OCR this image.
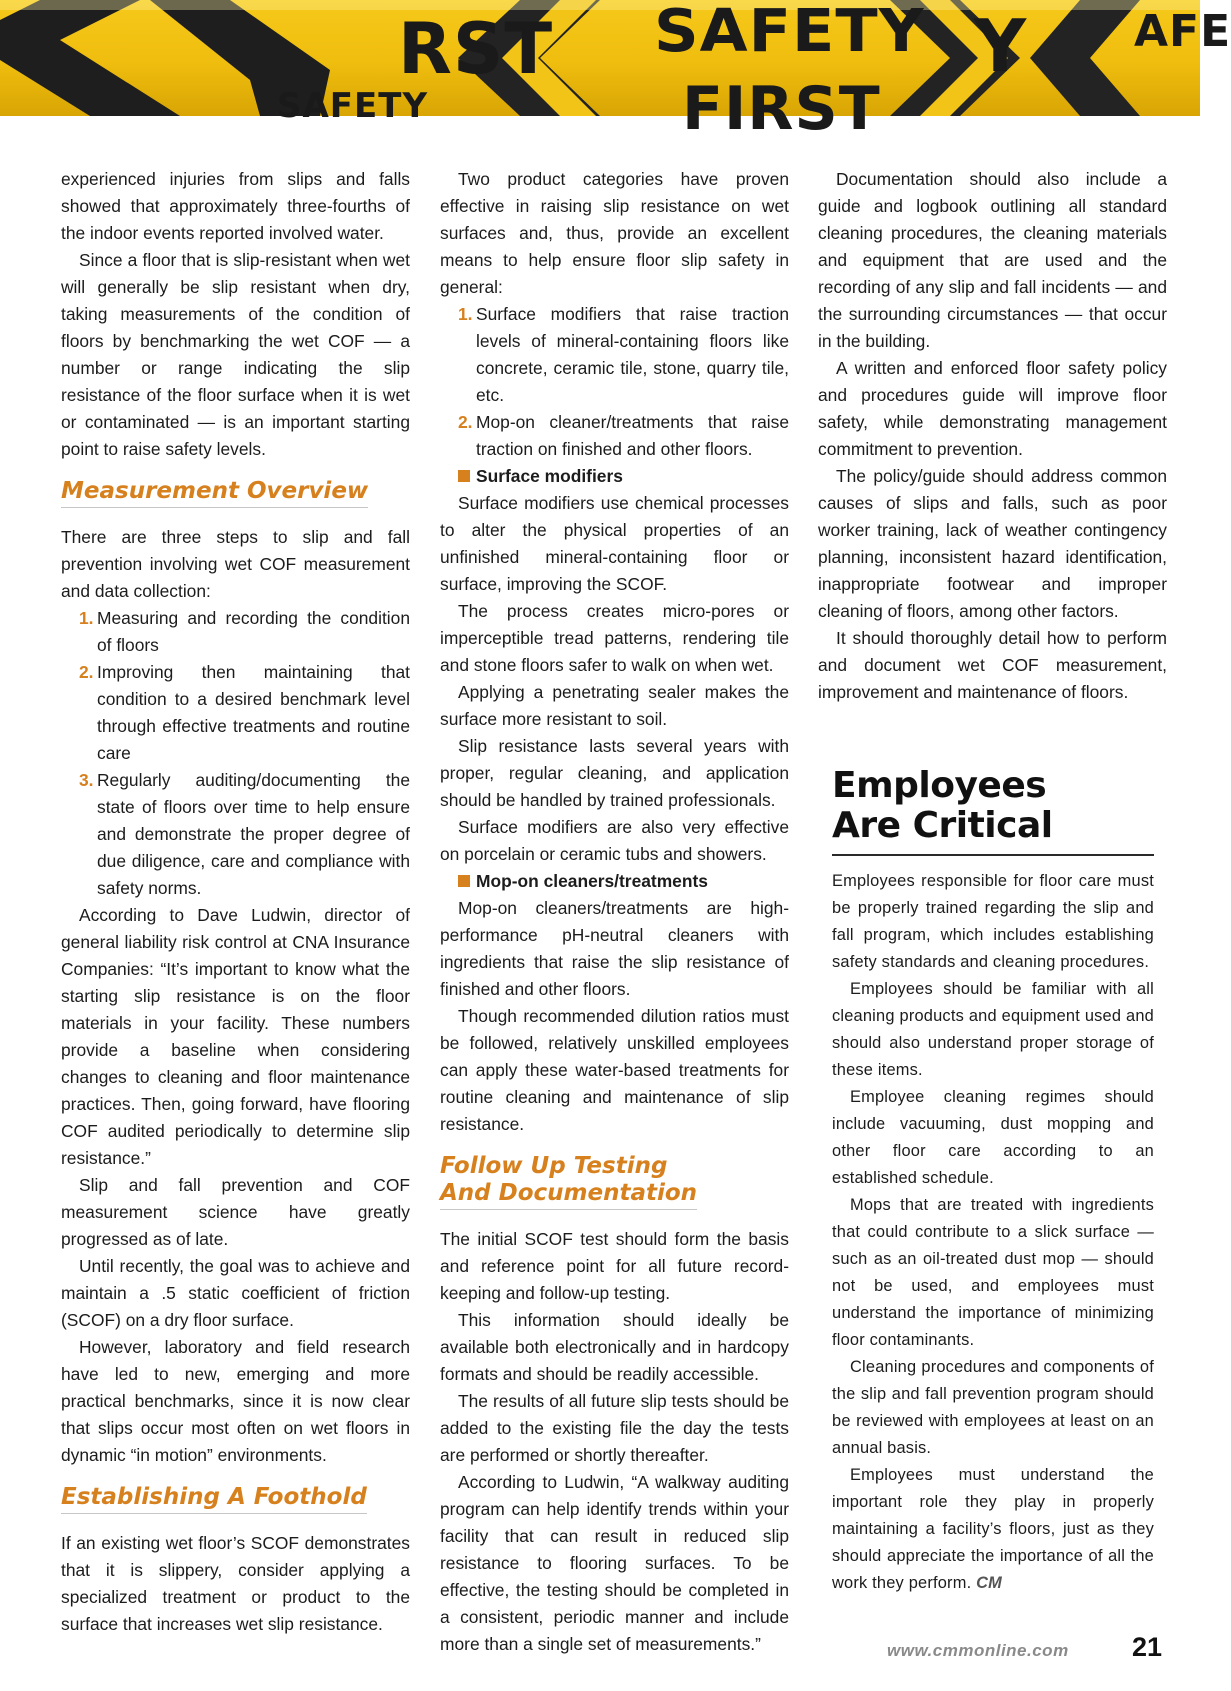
RST
SAFETY
SAFETY
FIRST
Y AFE

experienced injuries from slips and falls showed that approximately three-fourths of the indoor events reported involved water.

Since a floor that is slip-resistant when wet will generally be slip resistant when dry, taking measurements of the condition of floors by benchmarking the wet COF — a number or range indicating the slip resistance of the floor surface when it is wet or contaminated — is an important starting point to raise safety levels.

Measurement Overview

There are three steps to slip and fall prevention involving wet COF measurement and data collection:

1. Measuring and recording the condition of floors
2. Improving then maintaining that condition to a desired benchmark level through effective treatments and routine care
3. Regularly auditing/documenting the state of floors over time to help ensure and demonstrate the proper degree of due diligence, care and compliance with safety norms.

According to Dave Ludwin, director of general liability risk control at CNA Insurance Companies: “It’s important to know what the starting slip resistance is on the floor materials in your facility. These numbers provide a baseline when considering changes to cleaning and floor maintenance practices. Then, going forward, have flooring COF audited periodically to determine slip resistance.”

Slip and fall prevention and COF measurement science have greatly progressed as of late.

Until recently, the goal was to achieve and maintain a .5 static coefficient of friction (SCOF) on a dry floor surface.

However, laboratory and field research have led to new, emerging and more practical benchmarks, since it is now clear that slips occur most often on wet floors in dynamic “in motion” environments.

Establishing A Foothold

If an existing wet floor’s SCOF demonstrates that it is slippery, consider applying a specialized treatment or product to the surface that increases wet slip resistance.

Two product categories have proven effective in raising slip resistance on wet surfaces and, thus, provide an excellent means to help ensure floor slip safety in general:

1. Surface modifiers that raise traction levels of mineral-containing floors like concrete, ceramic tile, stone, quarry tile, etc.
2. Mop-on cleaner/treatments that raise traction on finished and other floors.

Surface modifiers

Surface modifiers use chemical processes to alter the physical properties of an unfinished mineral-containing floor or surface, improving the SCOF.

The process creates micro-pores or imperceptible tread patterns, rendering tile and stone floors safer to walk on when wet.

Applying a penetrating sealer makes the surface more resistant to soil.

Slip resistance lasts several years with proper, regular cleaning, and application should be handled by trained professionals.

Surface modifiers are also very effective on porcelain or ceramic tubs and showers.

Mop-on cleaners/treatments

Mop-on cleaners/treatments are high-performance pH-neutral cleaners with ingredients that raise the slip resistance of finished and other floors.

Though recommended dilution ratios must be followed, relatively unskilled employees can apply these water-based treatments for routine cleaning and maintenance of slip resistance.

Follow Up Testing
And Documentation

The initial SCOF test should form the basis and reference point for all future record-keeping and follow-up testing.

This information should ideally be available both electronically and in hardcopy formats and should be readily accessible.

The results of all future slip tests should be added to the existing file the day the tests are performed or shortly thereafter.

According to Ludwin, “A walkway auditing program can help identify trends within your facility that can result in reduced slip resistance to flooring surfaces. To be effective, the testing should be completed in a consistent, periodic manner and include more than a single set of measurements.”

Documentation should also include a guide and logbook outlining all standard cleaning procedures, the cleaning materials and equipment that are used and the recording of any slip and fall incidents — and the surrounding circumstances — that occur in the building.

A written and enforced floor safety policy and procedures guide will improve floor safety, while demonstrating management commitment to prevention.

The policy/guide should address common causes of slips and falls, such as poor worker training, lack of weather contingency planning, inconsistent hazard identification, inappropriate footwear and improper cleaning of floors, among other factors.

It should thoroughly detail how to perform and document wet COF measurement, improvement and maintenance of floors.

Employees
Are Critical

Employees responsible for floor care must be properly trained regarding the slip and fall program, which includes establishing safety standards and cleaning procedures.

Employees should be familiar with all cleaning products and equipment used and should also understand proper storage of these items.

Employee cleaning regimes should include vacuuming, dust mopping and other floor care according to an established schedule.

Mops that are treated with ingredients that could contribute to a slick surface — such as an oil-treated dust mop — should not be used, and employees must understand the importance of minimizing floor contaminants.

Cleaning procedures and components of the slip and fall prevention program should be reviewed with employees at least on an annual basis.

Employees must understand the important role they play in properly maintaining a facility’s floors, just as they should appreciate the importance of all the work they perform. CM

www.cmmonline.com 21
